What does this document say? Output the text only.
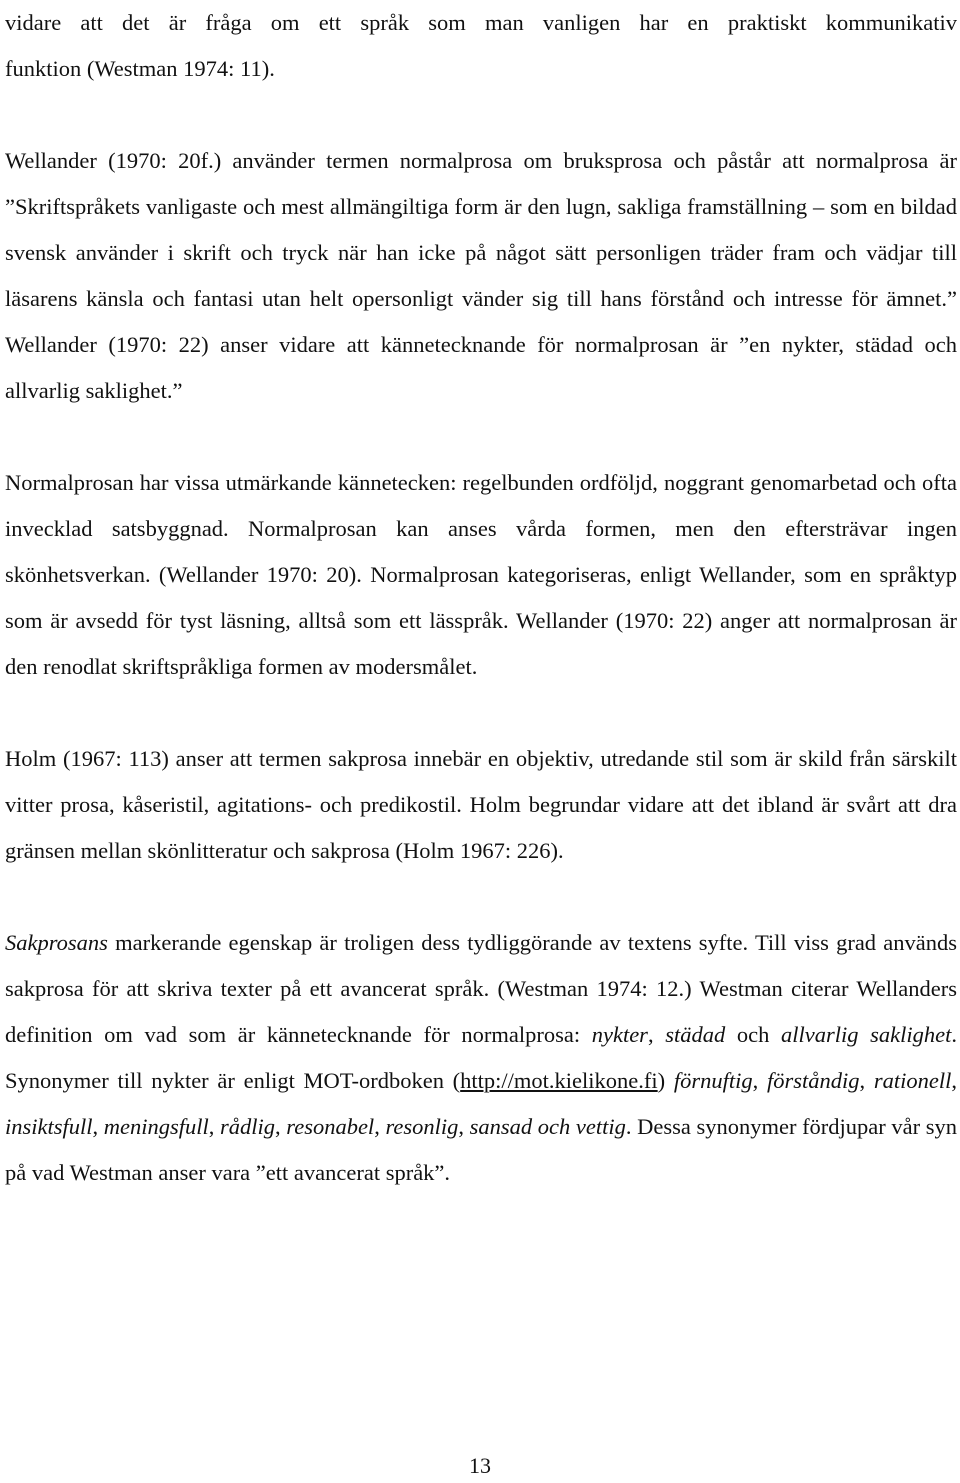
vidare att det är fråga om ett språk som man vanligen har en praktiskt kommunikativ
funktion (Westman 1974: 11).

Wellander (1970: 20f.) använder termen normalprosa om bruksprosa och påstår att normalprosa är ”Skriftspråkets vanligaste och mest allmängiltiga form är den lugn, sakliga framställning – som en bildad svensk använder i skrift och tryck när han icke på något sätt personligen träder fram och vädjar till läsarens känsla och fantasi utan helt opersonligt vänder sig till hans förstånd och intresse för ämnet.” Wellander (1970: 22) anser vidare att kännetecknande för normalprosan är ”en nykter, städad och allvarlig saklighet.”

Normalprosan har vissa utmärkande kännetecken: regelbunden ordföljd, noggrant genomarbetad och ofta invecklad satsbyggnad. Normalprosan kan anses vårda formen, men den eftersträvar ingen skönhetsverkan. (Wellander 1970: 20). Normalprosan kategoriseras, enligt Wellander, som en språktyp som är avsedd för tyst läsning, alltså som ett lässpråk. Wellander (1970: 22) anger att normalprosan är den renodlat skriftspråkliga formen av modersmålet.

Holm (1967: 113) anser att termen sakprosa innebär en objektiv, utredande stil som är skild från särskilt vitter prosa, kåseristil, agitations- och predikostil. Holm begrundar vidare att det ibland är svårt att dra gränsen mellan skönlitteratur och sakprosa (Holm 1967: 226).

Sakprosans markerande egenskap är troligen dess tydliggörande av textens syfte. Till viss grad används sakprosa för att skriva texter på ett avancerat språk. (Westman 1974: 12.) Westman citerar Wellanders definition om vad som är kännetecknande för normalprosa: nykter, städad och allvarlig saklighet. Synonymer till nykter är enligt MOT-ordboken (http://mot.kielikone.fi) förnuftig, förståndig, rationell, insiktsfull, meningsfull, rådlig, resonabel, resonlig, sansad och vettig. Dessa synonymer fördjupar vår syn på vad Westman anser vara ”ett avancerat språk”.

13
